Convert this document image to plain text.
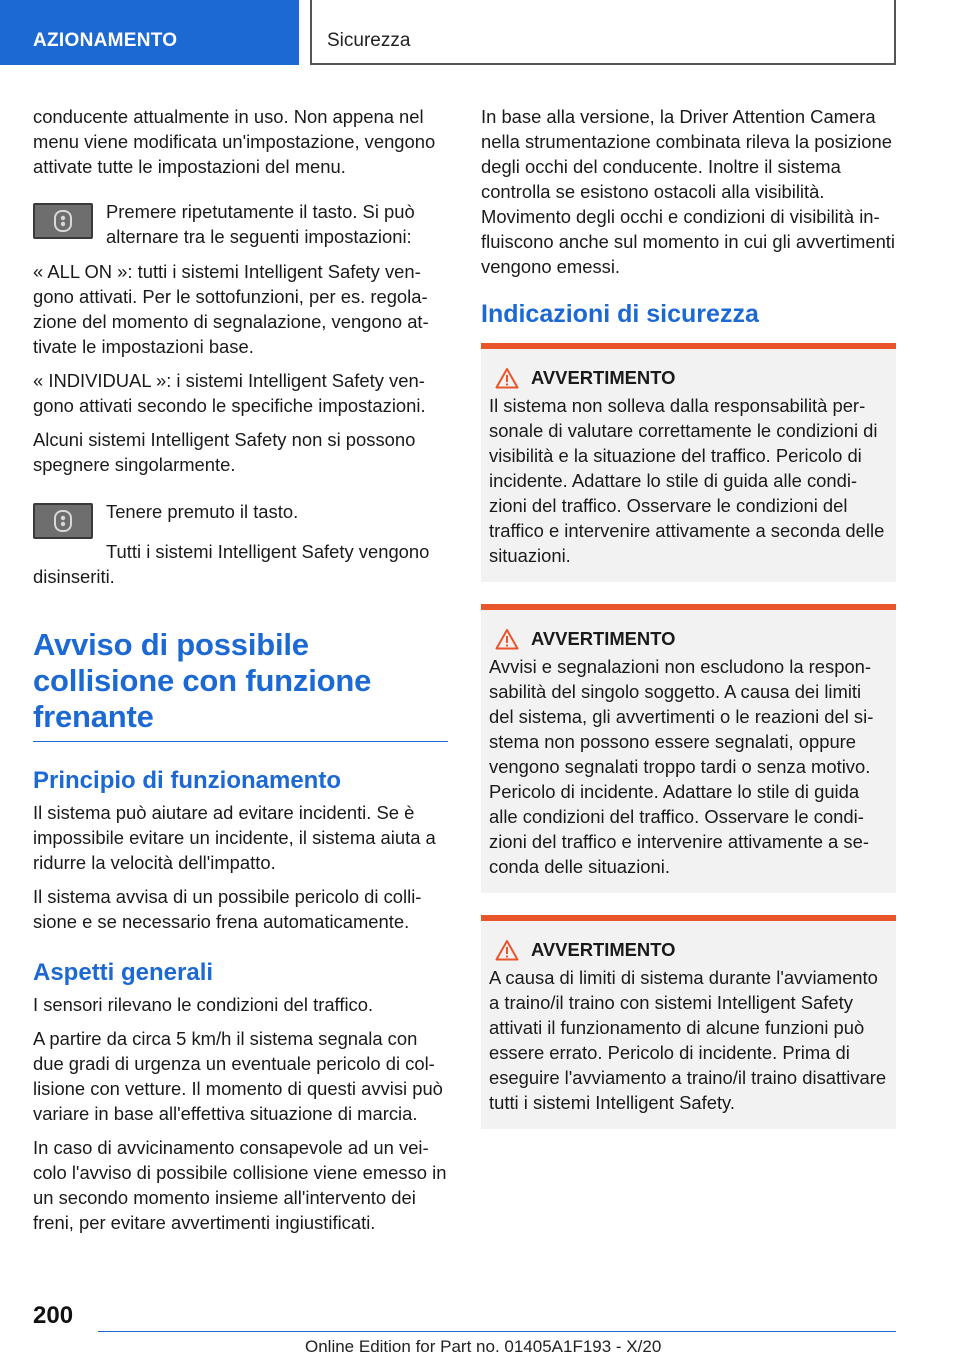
AZIONAMENTO	Sicurezza

conducente attualmente in uso. Non appena nel menu viene modificata un'impostazione, vengono attivate tutte le impostazioni del menu.

Premere ripetutamente il tasto. Si può alternare tra le seguenti impostazioni:

« ALL ON »: tutti i sistemi Intelligent Safety vengono attivati. Per le sottofunzioni, per es. regolazione del momento di segnalazione, vengono attivate le impostazioni base.

« INDIVIDUAL »: i sistemi Intelligent Safety vengono attivati secondo le specifiche impostazioni.

Alcuni sistemi Intelligent Safety non si possono spegnere singolarmente.

Tenere premuto il tasto.

Tutti i sistemi Intelligent Safety vengono disinseriti.

Avviso di possibile collisione con funzione frenante
Principio di funzionamento

Il sistema può aiutare ad evitare incidenti. Se è impossibile evitare un incidente, il sistema aiuta a ridurre la velocità dell'impatto.

Il sistema avvisa di un possibile pericolo di collisione e se necessario frena automaticamente.

Aspetti generali

I sensori rilevano le condizioni del traffico.

A partire da circa 5 km/h il sistema segnala con due gradi di urgenza un eventuale pericolo di collisione con vetture. Il momento di questi avvisi può variare in base all'effettiva situazione di marcia.

In caso di avvicinamento consapevole ad un veicolo l'avviso di possibile collisione viene emesso in un secondo momento insieme all'intervento dei freni, per evitare avvertimenti ingiustificati.

In base alla versione, la Driver Attention Camera nella strumentazione combinata rileva la posizione degli occhi del conducente. Inoltre il sistema controlla se esistono ostacoli alla visibilità. Movimento degli occhi e condizioni di visibilità influiscono anche sul momento in cui gli avvertimenti vengono emessi.

Indicazioni di sicurezza
AVVERTIMENTO

Il sistema non solleva dalla responsabilità personale di valutare correttamente le condizioni di visibilità e la situazione del traffico. Pericolo di incidente. Adattare lo stile di guida alle condizioni del traffico. Osservare le condizioni del traffico e intervenire attivamente a seconda delle situazioni.

AVVERTIMENTO

Avvisi e segnalazioni non escludono la responsabilità del singolo soggetto. A causa dei limiti del sistema, gli avvertimenti o le reazioni del sistema non possono essere segnalati, oppure vengono segnalati troppo tardi o senza motivo. Pericolo di incidente. Adattare lo stile di guida alle condizioni del traffico. Osservare le condizioni del traffico e intervenire attivamente a seconda delle situazioni.

AVVERTIMENTO

A causa di limiti di sistema durante l'avviamento a traino/il traino con sistemi Intelligent Safety attivati il funzionamento di alcune funzioni può essere errato. Pericolo di incidente. Prima di eseguire l'avviamento a traino/il traino disattivare tutti i sistemi Intelligent Safety.

200
Online Edition for Part no. 01405A1F193 - X/20
